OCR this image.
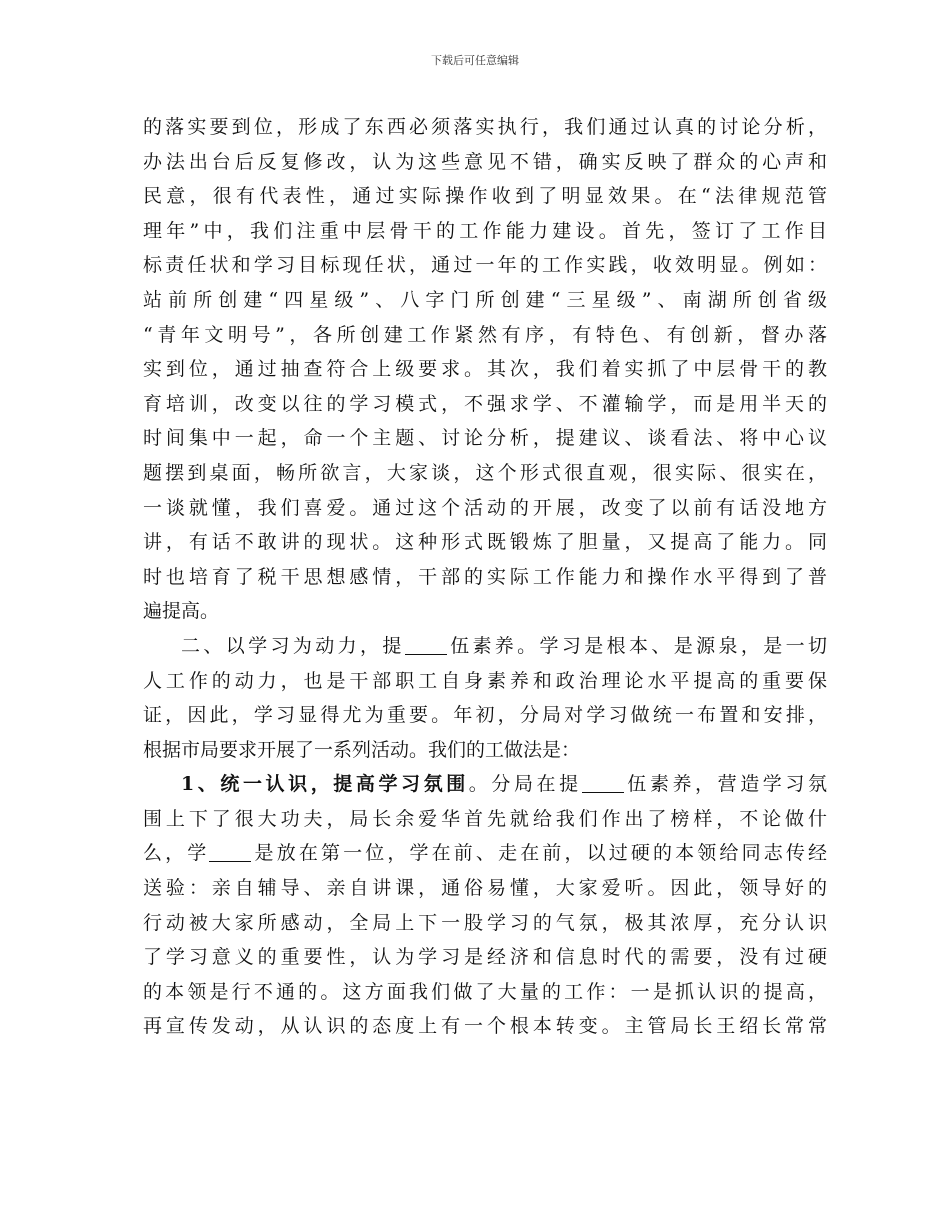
下载后可任意编辑
的落实要到位，形成了东西必须落实执行，我们通过认真的讨论分析，
办法出台后反复修改，认为这些意见不错，确实反映了群众的心声和
民意，很有代表性，通过实际操作收到了明显效果。在“法律规范管
理年”中，我们注重中层骨干的工作能力建设。首先，签订了工作目
标责任状和学习目标现任状，通过一年的工作实践，收效明显。例如：
站前所创建“四星级”、八字门所创建“三星级”、南湖所创省级
“青年文明号”，各所创建工作紧然有序，有特色、有创新，督办落
实到位，通过抽查符合上级要求。其次，我们着实抓了中层骨干的教
育培训，改变以往的学习模式，不强求学、不灌输学，而是用半天的
时间集中一起，命一个主题、讨论分析，提建议、谈看法、将中心议
题摆到桌面，畅所欲言，大家谈，这个形式很直观，很实际、很实在，
一谈就懂，我们喜爱。通过这个活动的开展，改变了以前有话没地方
讲，有话不敢讲的现状。这种形式既锻炼了胆量，又提高了能力。同
时也培育了税干思想感情，干部的实际工作能力和操作水平得到了普
遍提高。
二、以学习为动力，提 伍素养。学习是根本、是源泉，是一切
人工作的动力，也是干部职工自身素养和政治理论水平提高的重要保
证，因此，学习显得尤为重要。年初，分局对学习做统一布置和安排，
根据市局要求开展了一系列活动。我们的工做法是：
1、统一认识，提高学习氛围。分局在提 伍素养，营造学习氛
围上下了很大功夫，局长余爱华首先就给我们作出了榜样，不论做什
么，学 是放在第一位，学在前、走在前，以过硬的本领给同志传经
送验：亲自辅导、亲自讲课，通俗易懂，大家爱听。因此，领导好的
行动被大家所感动，全局上下一股学习的气氛，极其浓厚，充分认识
了学习意义的重要性，认为学习是经济和信息时代的需要，没有过硬
的本领是行不通的。这方面我们做了大量的工作：一是抓认识的提高，
再宣传发动，从认识的态度上有一个根本转变。主管局长王绍长常常
